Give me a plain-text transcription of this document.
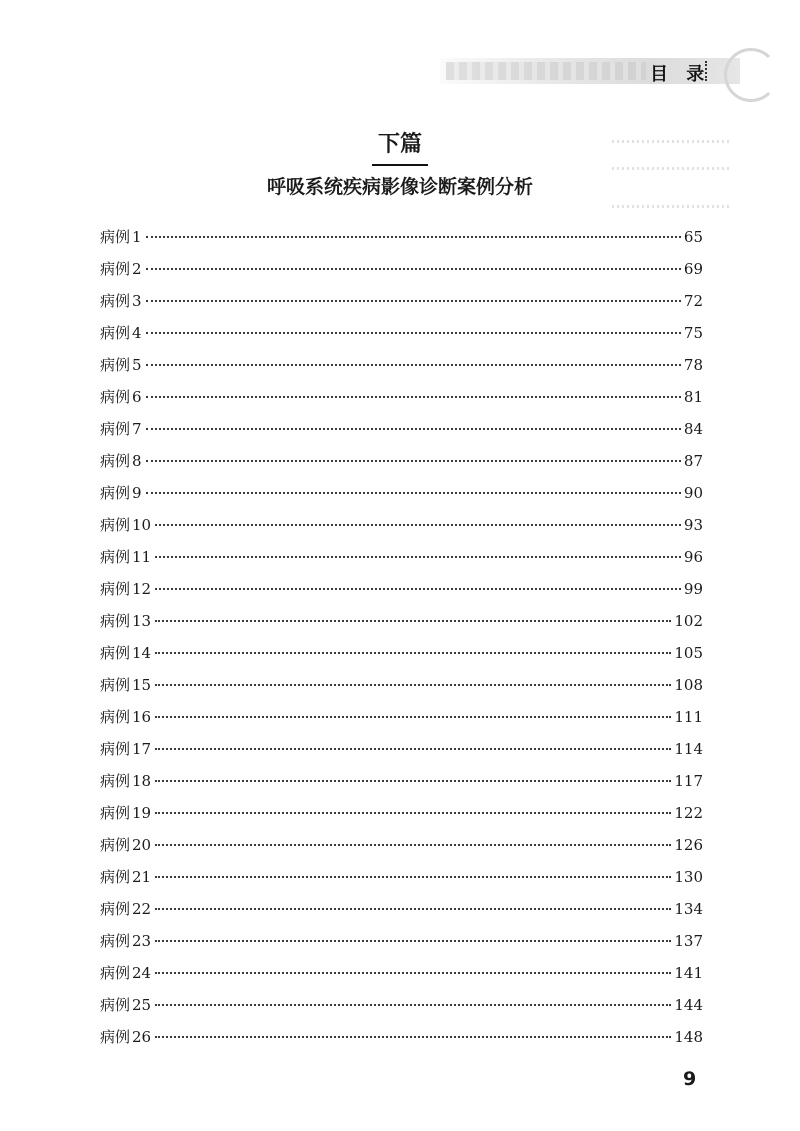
目 录
下篇
呼吸系统疾病影像诊断案例分析
病例 1	65
病例 2	69
病例 3	72
病例 4	75
病例 5	78
病例 6	81
病例 7	84
病例 8	87
病例 9	90
病例 10	93
病例 11	96
病例 12	99
病例 13	102
病例 14	105
病例 15	108
病例 16	111
病例 17	114
病例 18	117
病例 19	122
病例 20	126
病例 21	130
病例 22	134
病例 23	137
病例 24	141
病例 25	144
病例 26	148
9
